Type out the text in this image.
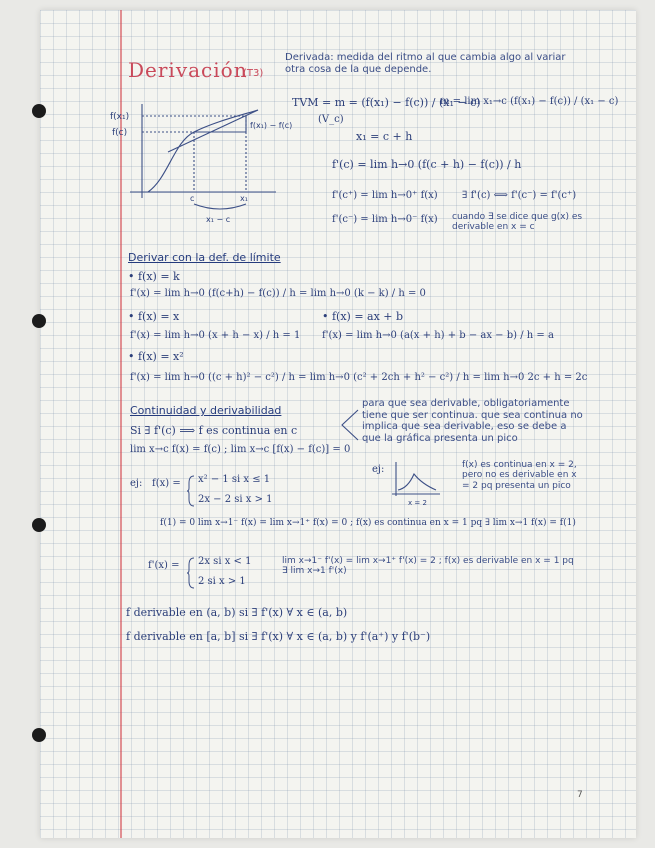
Derivación
(T3)
Derivada: medida del ritmo al que cambia algo al variar otra cosa de la que depende.
f(x₁)
f(c)
f(x₁) − f(c)
c	x₁
x₁ − c
TVM = m = (f(x₁) − f(c)) / (x₁ − c)
(V_c)
m = lim x₁→c (f(x₁) − f(c)) / (x₁ − c)
x₁ = c + h
f'(c) = lim h→0 (f(c + h) − f(c)) / h
f'(c⁺) = lim h→0⁺ f(x) ∃ f'(c) ⟺ f'(c⁻) = f'(c⁺)
f'(c⁻) = lim h→0⁻ f(x) cuando ∃ se dice que g(x) es derivable en x = c
Derivar con la def. de límite
• f(x) = k
f'(x) = lim h→0 (f(c+h) − f(c)) / h = lim h→0 (k − k) / h = 0
• f(x) = x
f'(x) = lim h→0 (x + h − x) / h = 1
• f(x) = ax + b
f'(x) = lim h→0 (a(x + h) + b − ax − b) / h = a
• f(x) = x²
f'(x) = lim h→0 ((c + h)² − c²) / h = lim h→0 (c² + 2ch + h² − c²) / h = lim h→0 2c + h = 2c
Continuidad y derivabilidad
Si ∃ f'(c) ⟹ f es continua en c
lim x→c f(x) = f(c) ; lim x→c [f(x) − f(c)] = 0
para que sea derivable, obligatoriamente tiene que ser continua. que sea continua no implica que sea derivable, eso se debe a que la gráfica presenta un pico
ej:
x = 2
f(x) es continua en x = 2, pero no es derivable en x = 2 pq presenta un pico
ej: f(x) = x² − 1 si x ≤ 1
2x − 2 si x > 1
f(1) = 0 lim x→1⁻ f(x) = lim x→1⁺ f(x) = 0 ; f(x) es continua en x = 1 pq ∃ lim x→1 f(x) = f(1)
f'(x) = 2x si x < 1
2 si x > 1
lim x→1⁻ f'(x) = lim x→1⁺ f'(x) = 2 ; f(x) es derivable en x = 1 pq ∃ lim x→1 f'(x)
f derivable en (a, b) si ∃ f'(x) ∀ x ∈ (a, b)
f derivable en [a, b] si ∃ f'(x) ∀ x ∈ (a, b) y f'(a⁺) y f'(b⁻)
7
